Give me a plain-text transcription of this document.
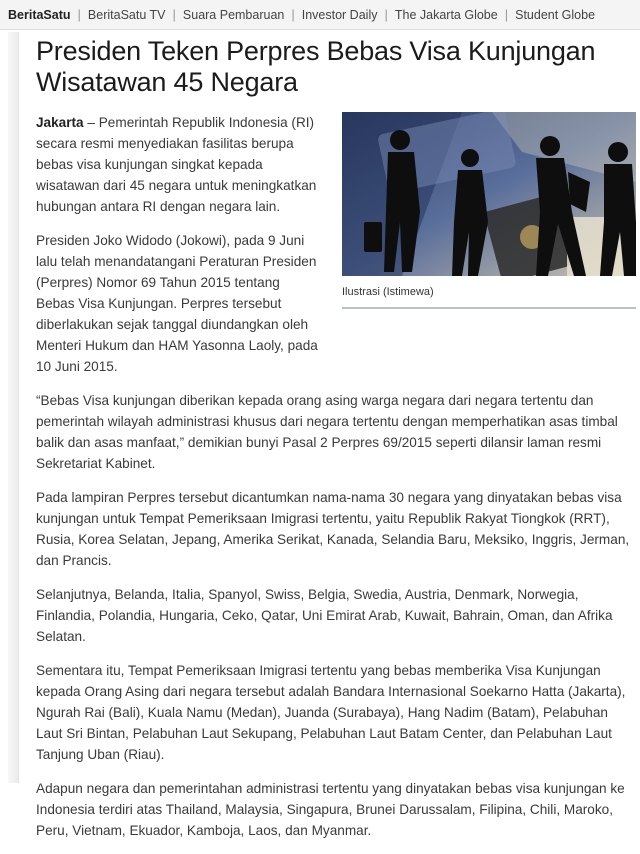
BeritaSatu | BeritaSatu TV | Suara Pembaruan | Investor Daily | The Jakarta Globe | Student Globe
Presiden Teken Perpres Bebas Visa Kunjungan Wisatawan 45 Negara
Ilustrasi (Istimewa)

Jakarta – Pemerintah Republik Indonesia (RI) secara resmi menyediakan fasilitas berupa bebas visa kunjungan singkat kepada wisatawan dari 45 negara untuk meningkatkan hubungan antara RI dengan negara lain.

Presiden Joko Widodo (Jokowi), pada 9 Juni lalu telah menandatangani Peraturan Presiden (Perpres) Nomor 69 Tahun 2015 tentang Bebas Visa Kunjungan. Perpres tersebut diberlakukan sejak tanggal diundangkan oleh Menteri Hukum dan HAM Yasonna Laoly, pada 10 Juni 2015.

“Bebas Visa kunjungan diberikan kepada orang asing warga negara dari negara tertentu dan pemerintah wilayah administrasi khusus dari negara tertentu dengan memperhatikan asas timbal balik dan asas manfaat,” demikian bunyi Pasal 2 Perpres 69/2015 seperti dilansir laman resmi Sekretariat Kabinet.

Pada lampiran Perpres tersebut dicantumkan nama-nama 30 negara yang dinyatakan bebas visa kunjungan untuk Tempat Pemeriksaan Imigrasi tertentu, yaitu Republik Rakyat Tiongkok (RRT), Rusia, Korea Selatan, Jepang, Amerika Serikat, Kanada, Selandia Baru, Meksiko, Inggris, Jerman, dan Prancis.

Selanjutnya, Belanda, Italia, Spanyol, Swiss, Belgia, Swedia, Austria, Denmark, Norwegia, Finlandia, Polandia, Hungaria, Ceko, Qatar, Uni Emirat Arab, Kuwait, Bahrain, Oman, dan Afrika Selatan.

Sementara itu, Tempat Pemeriksaan Imigrasi tertentu yang bebas memberika Visa Kunjungan kepada Orang Asing dari negara tersebut adalah Bandara Internasional Soekarno Hatta (Jakarta), Ngurah Rai (Bali), Kuala Namu (Medan), Juanda (Surabaya), Hang Nadim (Batam), Pelabuhan Laut Sri Bintan, Pelabuhan Laut Sekupang, Pelabuhan Laut Batam Center, dan Pelabuhan Laut Tanjung Uban (Riau).

Adapun negara dan pemerintahan administrasi tertentu yang dinyatakan bebas visa kunjungan ke Indonesia terdiri atas Thailand, Malaysia, Singapura, Brunei Darussalam, Filipina, Chili, Maroko, Peru, Vietnam, Ekuador, Kamboja, Laos, dan Myanmar.
